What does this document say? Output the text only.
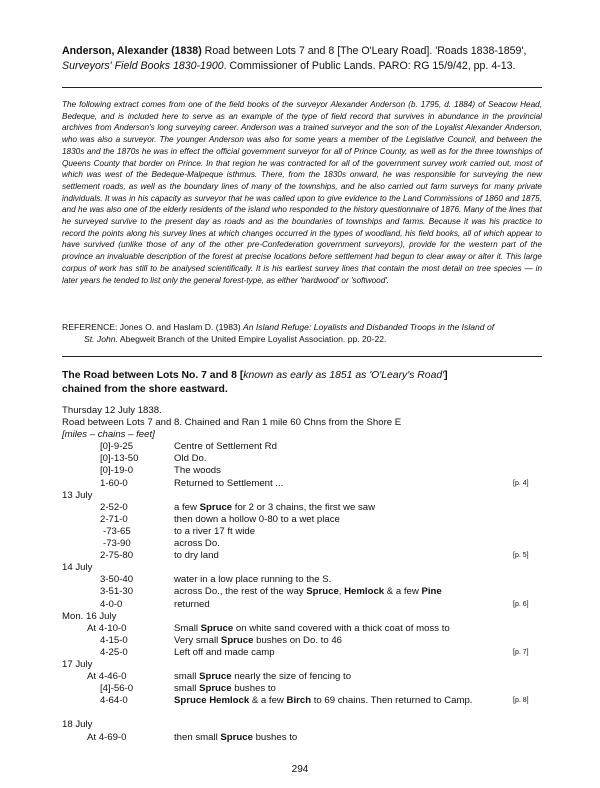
Anderson, Alexander (1838) Road between Lots 7 and 8 [The O'Leary Road]. 'Roads 1838-1859',
Surveyors' Field Books 1830-1900. Commissioner of Public Lands. PARO: RG 15/9/42, pp. 4-13.
The following extract comes from one of the field books of the surveyor Alexander Anderson (b. 1795, d. 1884) of Seacow Head, Bedeque, and is included here to serve as an example of the type of field record that survives in abundance in the provincial archives from Anderson's long surveying career. Anderson was a trained surveyor and the son of the Loyalist Alexander Anderson, who was also a surveyor. The younger Anderson was also for some years a member of the Legislative Council, and between the 1830s and the 1870s he was in effect the official government surveyor for all of Prince County, as well as for the three townships of Queens County that border on Prince. In that region he was contracted for all of the government survey work carried out, most of which was west of the Bedeque-Malpeque isthmus. There, from the 1830s onward, he was responsible for surveying the new settlement roads, as well as the boundary lines of many of the townships, and he also carried out farm surveys for many private individuals. It was in his capacity as surveyor that he was called upon to give evidence to the Land Commissions of 1860 and 1875, and he was also one of the elderly residents of the island who responded to the history questionnaire of 1876. Many of the lines that he surveyed survive to the present day as roads and as the boundaries of townships and farms. Because it was his practice to record the points along his survey lines at which changes occurred in the types of woodland, his field books, all of which appear to have survived (unlike those of any of the other pre-Confederation government surveyors), provide for the western part of the province an invaluable description of the forest at precise locations before settlement had begun to clear away or alter it. This large corpus of work has still to be analysed scientifically. It is his earliest survey lines that contain the most detail on tree species — in later years he tended to list only the general forest-type, as either 'hardwood' or 'softwood'.
REFERENCE: Jones O. and Haslam D. (1983) An Island Refuge: Loyalists and Disbanded Troops in the Island of
St. John. Abegweit Branch of the United Empire Loyalist Association. pp. 20-22.
The Road between Lots No. 7 and 8 [known as early as 1851 as 'O'Leary's Road']
chained from the shore eastward.
Thursday 12 July 1838.
Road between Lots 7 and 8. Chained and Ran 1 mile 60 Chns from the Shore E
[miles – chains – feet]
[0]-9-25	Centre of Settlement Rd
[0]-13-50	Old Do.
[0]-19-0	The woods
1-60-0	Returned to Settlement ...	[p. 4]
13 July
2-52-0	a few Spruce for 2 or 3 chains, the first we saw
2-71-0	then down a hollow 0-80 to a wet place
-73-65	to a river 17 ft wide
-73-90	across Do.
2-75-80	to dry land	[p. 5]
14 July
3-50-40	water in a low place running to the S.
3-51-30	across Do., the rest of the way Spruce, Hemlock & a few Pine
4-0-0	returned	[p. 6]
Mon. 16 July
At 4-10-0	Small Spruce on white sand covered with a thick coat of moss to
4-15-0	Very small Spruce bushes on Do. to 46
4-25-0	Left off and made camp	[p. 7]
17 July
At 4-46-0	small Spruce nearly the size of fencing to
[4]-56-0	small Spruce bushes to
4-64-0	Spruce Hemlock & a few Birch to 69 chains. Then returned to Camp.	[p. 8]
18 July
At 4-69-0	then small Spruce bushes to
294
